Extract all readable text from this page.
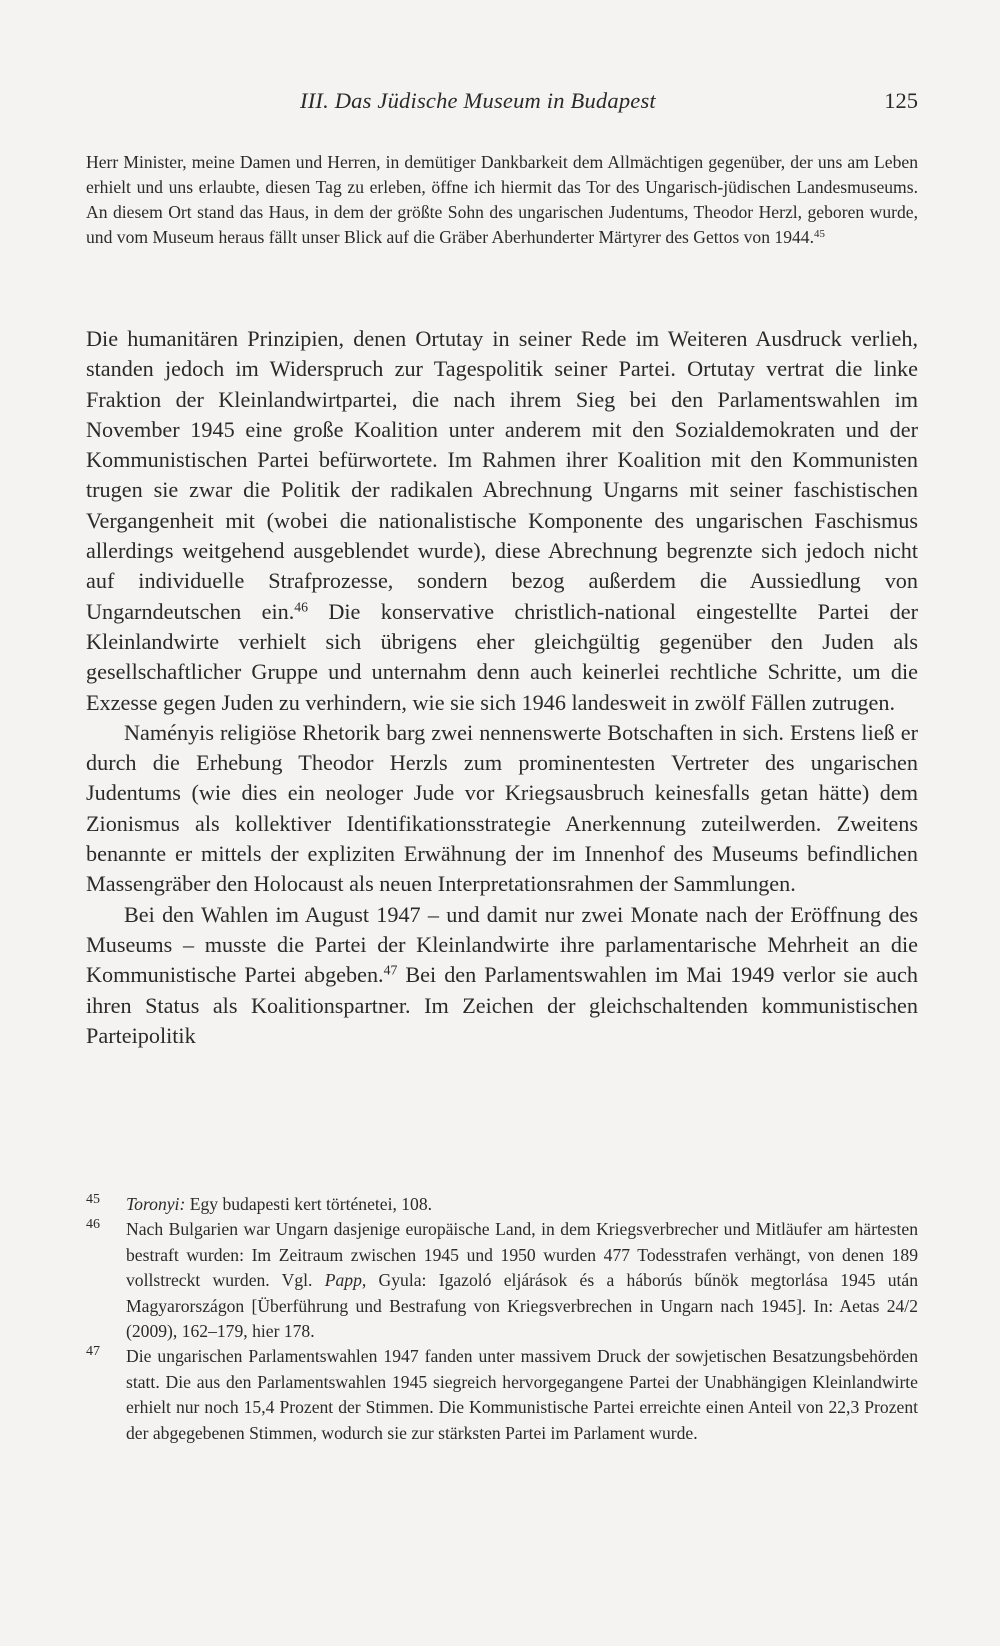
III. Das Jüdische Museum in Budapest	125
Herr Minister, meine Damen und Herren, in demütiger Dankbarkeit dem Allmächtigen gegenüber, der uns am Leben erhielt und uns erlaubte, diesen Tag zu erleben, öffne ich hiermit das Tor des Ungarisch-jüdischen Landesmuseums. An diesem Ort stand das Haus, in dem der größte Sohn des ungarischen Judentums, Theodor Herzl, geboren wurde, und vom Museum heraus fällt unser Blick auf die Gräber Aberhunderter Märtyrer des Gettos von 1944.45

Die humanitären Prinzipien, denen Ortutay in seiner Rede im Weiteren Ausdruck verlieh, standen jedoch im Widerspruch zur Tagespolitik seiner Partei. Ortutay vertrat die linke Fraktion der Kleinlandwirtpartei, die nach ihrem Sieg bei den Parlamentswahlen im November 1945 eine große Koalition unter anderem mit den Sozialdemokraten und der Kommunistischen Partei befürwortete. Im Rahmen ihrer Koalition mit den Kommunisten trugen sie zwar die Politik der radikalen Abrechnung Ungarns mit seiner faschistischen Vergangenheit mit (wobei die nationalistische Komponente des ungarischen Faschismus allerdings weitgehend ausgeblendet wurde), diese Abrechnung begrenzte sich jedoch nicht auf individuelle Strafprozesse, sondern bezog außerdem die Aussiedlung von Ungarndeutschen ein.$^{46}$ Die konservative christlich-national eingestellte Partei der Kleinlandwirte verhielt sich übrigens eher gleichgültig gegenüber den Juden als gesellschaftlicher Gruppe und unternahm denn auch keinerlei rechtliche Schritte, um die Exzesse gegen Juden zu verhindern, wie sie sich 1946 landesweit in zwölf Fällen zutrugen.

Naményis religiöse Rhetorik barg zwei nennenswerte Botschaften in sich. Erstens ließ er durch die Erhebung Theodor Herzls zum prominentesten Vertreter des ungarischen Judentums (wie dies ein neologer Jude vor Kriegsausbruch keinesfalls getan hätte) dem Zionismus als kollektiver Identifikationsstrategie Anerkennung zuteilwerden. Zweitens benannte er mittels der expliziten Erwähnung der im Innenhof des Museums befindlichen Massengräber den Holocaust als neuen Interpretationsrahmen der Sammlungen.

Bei den Wahlen im August 1947 – und damit nur zwei Monate nach der Eröffnung des Museums – musste die Partei der Kleinlandwirte ihre parlamentarische Mehrheit an die Kommunistische Partei abgeben.$^{47}$ Bei den Parlamentswahlen im Mai 1949 verlor sie auch ihren Status als Koalitionspartner. Im Zeichen der gleichschaltenden kommunistischen Parteipolitik

45 Toronyi: Egy budapesti kert történetei, 108.
46 Nach Bulgarien war Ungarn dasjenige europäische Land, in dem Kriegsverbrecher und Mitläufer am härtesten bestraft wurden: Im Zeitraum zwischen 1945 und 1950 wurden 477 Todesstrafen verhängt, von denen 189 vollstreckt wurden. Vgl. Papp, Gyula: Igazoló eljárások és a háborús bűnök megtorlása 1945 után Magyarországon [Überführung und Bestrafung von Kriegsverbrechen in Ungarn nach 1945]. In: Aetas 24/2 (2009), 162–179, hier 178.
47 Die ungarischen Parlamentswahlen 1947 fanden unter massivem Druck der sowjetischen Besatzungsbehörden statt. Die aus den Parlamentswahlen 1945 siegreich hervorgegangene Partei der Unabhängigen Kleinlandwirte erhielt nur noch 15,4 Prozent der Stimmen. Die Kommunistische Partei erreichte einen Anteil von 22,3 Prozent der abgegebenen Stimmen, wodurch sie zur stärksten Partei im Parlament wurde.
